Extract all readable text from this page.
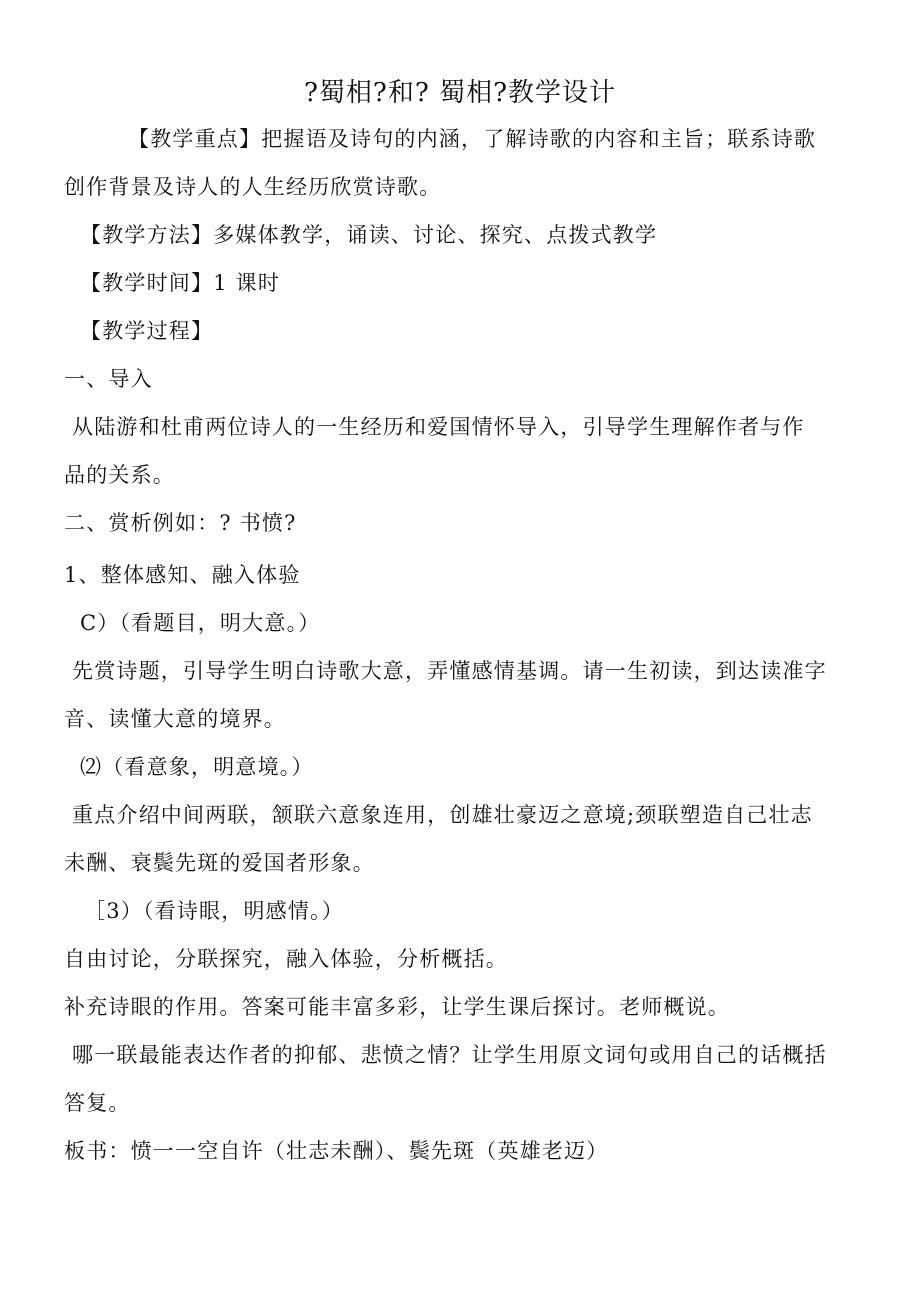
?蜀相?和? 蜀相?教学设计
【教学重点】把握语及诗句的内涵，了解诗歌的内容和主旨；联系诗歌
创作背景及诗人的人生经历欣赏诗歌。
【教学方法】多媒体教学，诵读、讨论、探究、点拨式教学
【教学时间】1 课时
【教学过程】
一、导入
从陆游和杜甫两位诗人的一生经历和爱国情怀导入，引导学生理解作者与作
品的关系。
二、赏析例如：? 书愤?
1、整体感知、融入体验
C）（看题目，明大意。）
先赏诗题，引导学生明白诗歌大意，弄懂感情基调。请一生初读，到达读准字
音、读懂大意的境界。
⑵（看意象，明意境。）
重点介绍中间两联，颔联六意象连用，创雄壮豪迈之意境;颈联塑造自己壮志
未酬、衰鬓先斑的爱国者形象。
［3）（看诗眼，明感情。）
自由讨论，分联探究，融入体验，分析概括。
补充诗眼的作用。答案可能丰富多彩，让学生课后探讨。老师概说。
哪一联最能表达作者的抑郁、悲愤之情？让学生用原文词句或用自己的话概括
答复。
板书：愤一一空自许（壮志未酬）、鬓先斑（英雄老迈）
